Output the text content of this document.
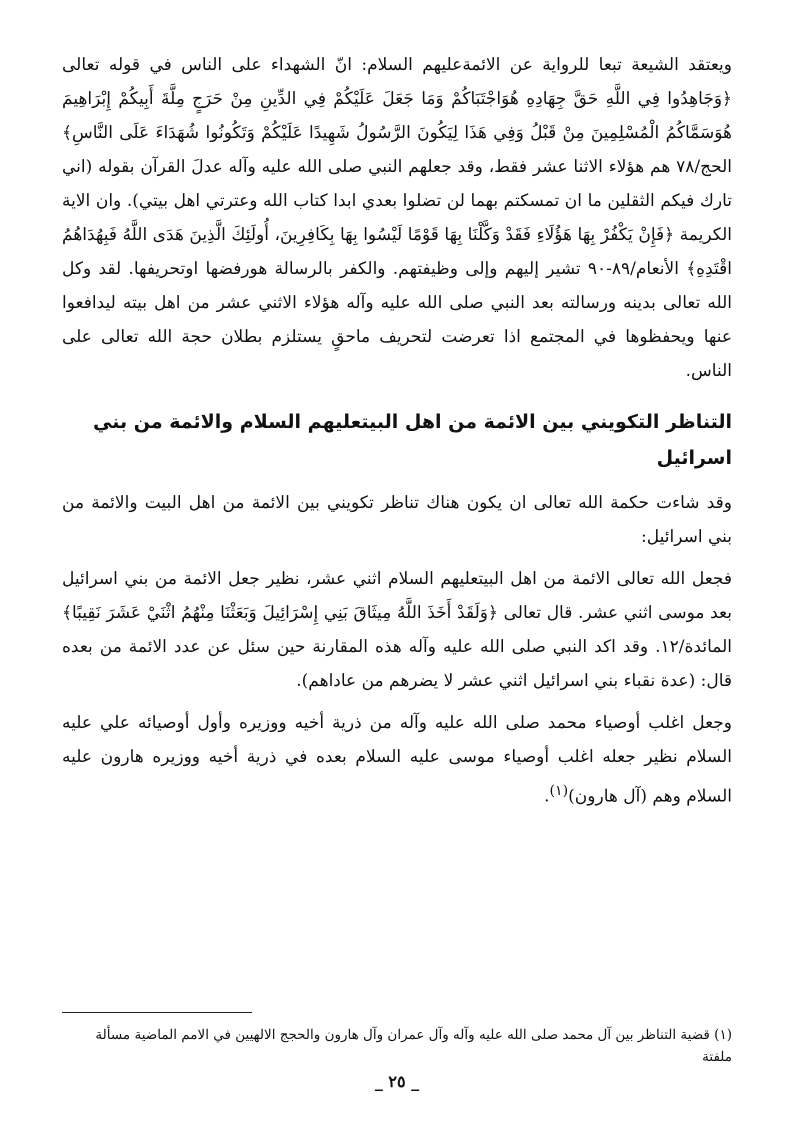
ويعتقد الشيعة تبعا للرواية عن الائمةعليهم السلام: انّ الشهداء على الناس في قوله تعالى ﴿وَجَاهِدُوا فِي اللَّهِ حَقَّ جِهَادِهِ هُوَاجْتَبَاكُمْ وَمَا جَعَلَ عَلَيْكُمْ فِي الدِّينِ مِنْ حَرَجٍ مِلَّةَ أَبِيكُمْ إِبْرَاهِيمَ هُوَسَمَّاكُمُ الْمُسْلِمِينَ مِنْ قَبْلُ وَفِي هَذَا لِيَكُونَ الرَّسُولُ شَهِيدًا عَلَيْكُمْ وَتَكُونُوا شُهَدَاءَ عَلَى النَّاسِ﴾ الحج/٧٨ هم هؤلاء الاثنا عشر فقط، وقد جعلهم النبي صلى الله عليه وآله عدلَ القرآن بقوله (اني تارك فيكم الثقلين ما ان تمسكتم بهما لن تضلوا بعدي ابدا كتاب الله وعترتي اهل بيتي). وان الاية الكريمة ﴿فَإِنْ يَكْفُرْ بِهَا هَؤُلَاءِ فَقَدْ وَكَّلْنَا بِهَا قَوْمًا لَيْسُوا بِهَا بِكَافِرِينَ، أُولَئِكَ الَّذِينَ هَدَى اللَّهُ فَبِهُدَاهُمُ اقْتَدِهِ﴾ الأنعام/٨٩-٩٠ تشير إليهم وإلى وظيفتهم. والكفر بالرسالة هورفضها اوتحريفها. لقد وكل الله تعالى بدينه ورسالته بعد النبي صلى الله عليه وآله هؤلاء الاثني عشر من اهل بيته ليدافعوا عنها ويحفظوها في المجتمع اذا تعرضت لتحريف ماحقٍ يستلزم بطلان حجة الله تعالى على الناس.

التناظر التكويني بين الائمة من اهل البيتعليهم السلام والائمة من بني اسرائيل

وقد شاءت حكمة الله تعالى ان يكون هناك تناظر تكويني بين الائمة من اهل البيت والائمة من بني اسرائيل:

فجعل الله تعالى الائمة من اهل البيتعليهم السلام اثني عشر، نظير جعل الائمة من بني اسرائيل بعد موسى اثني عشر. قال تعالى ﴿وَلَقَدْ أَخَذَ اللَّهُ مِيثَاقَ بَنِي إِسْرَائِيلَ وَبَعَثْنَا مِنْهُمُ اثْنَيْ عَشَرَ نَقِيبًا﴾ المائدة/١٢. وقد اكد النبي صلى الله عليه وآله هذه المقارنة حين سئل عن عدد الائمة من بعده قال: (عدة نقباء بني اسرائيل اثني عشر لا يضرهم من عاداهم).

وجعل اغلب أوصياء محمد صلى الله عليه وآله من ذرية أخيه ووزيره وأول أوصيائه علي عليه السلام نظير جعله اغلب أوصياء موسى عليه السلام بعده في ذرية أخيه ووزيره هارون عليه السلام وهم (آل هارون)$^{(١)}$.

(١) قضية التناظر بين آل محمد صلى الله عليه وآله وآل عمران وآل هارون والحجج الالهيين في الامم الماضية مسألة ملفتة
_ ٢٥ _
